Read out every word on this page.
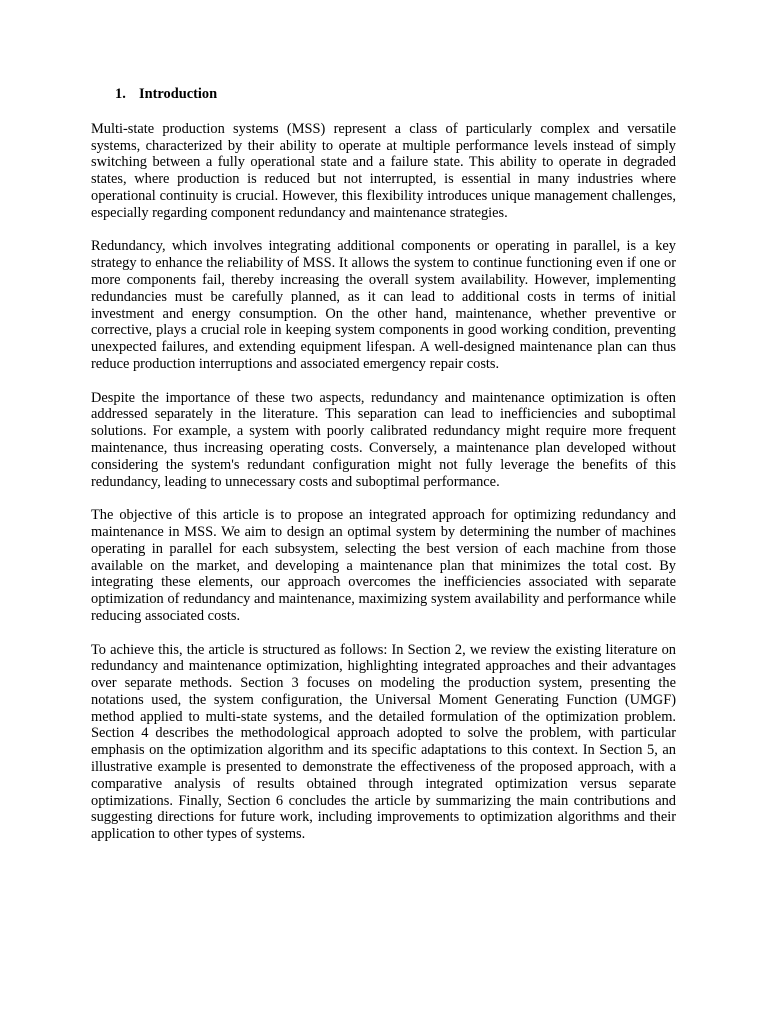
1. Introduction

Multi-state production systems (MSS) represent a class of particularly complex and versatile systems, characterized by their ability to operate at multiple performance levels instead of simply switching between a fully operational state and a failure state. This ability to operate in degraded states, where production is reduced but not interrupted, is essential in many industries where operational continuity is crucial. However, this flexibility introduces unique management challenges, especially regarding component redundancy and maintenance strategies.

Redundancy, which involves integrating additional components or operating in parallel, is a key strategy to enhance the reliability of MSS. It allows the system to continue functioning even if one or more components fail, thereby increasing the overall system availability. However, implementing redundancies must be carefully planned, as it can lead to additional costs in terms of initial investment and energy consumption. On the other hand, maintenance, whether preventive or corrective, plays a crucial role in keeping system components in good working condition, preventing unexpected failures, and extending equipment lifespan. A well-designed maintenance plan can thus reduce production interruptions and associated emergency repair costs.

Despite the importance of these two aspects, redundancy and maintenance optimization is often addressed separately in the literature. This separation can lead to inefficiencies and suboptimal solutions. For example, a system with poorly calibrated redundancy might require more frequent maintenance, thus increasing operating costs. Conversely, a maintenance plan developed without considering the system's redundant configuration might not fully leverage the benefits of this redundancy, leading to unnecessary costs and suboptimal performance.

The objective of this article is to propose an integrated approach for optimizing redundancy and maintenance in MSS. We aim to design an optimal system by determining the number of machines operating in parallel for each subsystem, selecting the best version of each machine from those available on the market, and developing a maintenance plan that minimizes the total cost. By integrating these elements, our approach overcomes the inefficiencies associated with separate optimization of redundancy and maintenance, maximizing system availability and performance while reducing associated costs.

To achieve this, the article is structured as follows: In Section 2, we review the existing literature on redundancy and maintenance optimization, highlighting integrated approaches and their advantages over separate methods. Section 3 focuses on modeling the production system, presenting the notations used, the system configuration, the Universal Moment Generating Function (UMGF) method applied to multi-state systems, and the detailed formulation of the optimization problem. Section 4 describes the methodological approach adopted to solve the problem, with particular emphasis on the optimization algorithm and its specific adaptations to this context. In Section 5, an illustrative example is presented to demonstrate the effectiveness of the proposed approach, with a comparative analysis of results obtained through integrated optimization versus separate optimizations. Finally, Section 6 concludes the article by summarizing the main contributions and suggesting directions for future work, including improvements to optimization algorithms and their application to other types of systems.
